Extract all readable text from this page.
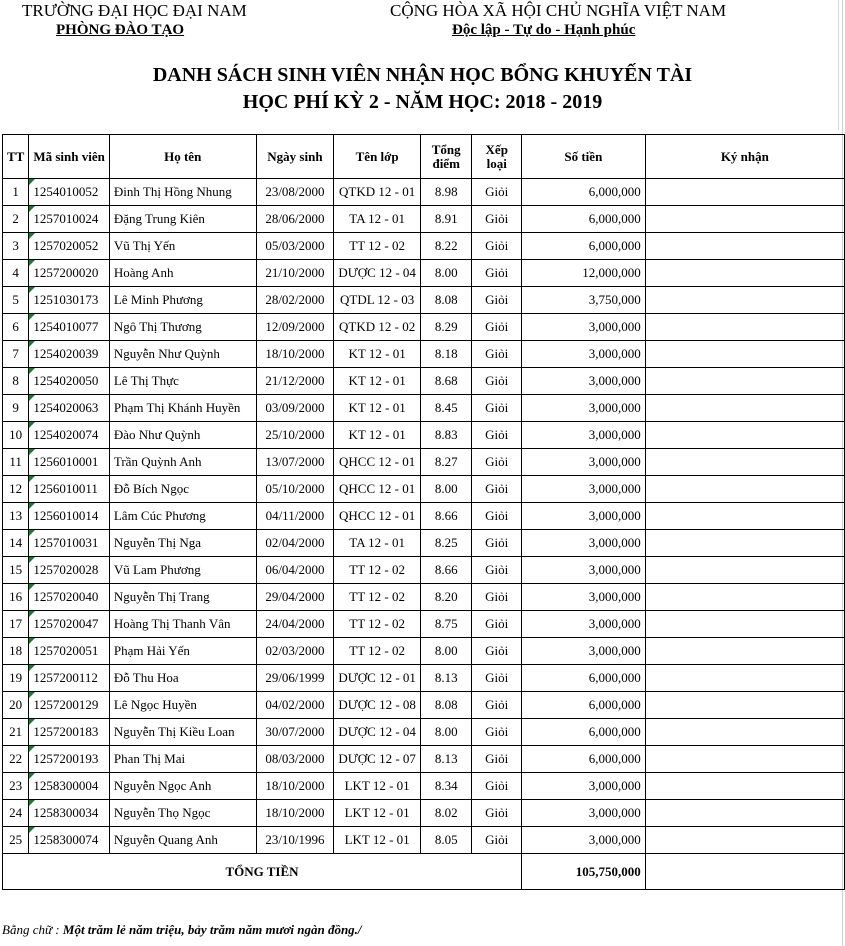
TRƯỜNG ĐẠI HỌC ĐẠI NAM
PHÒNG ĐÀO TẠO
CỘNG HÒA XÃ HỘI CHỦ NGHĨA VIỆT NAM
Độc lập - Tự do - Hạnh phúc
DANH SÁCH SINH VIÊN NHẬN HỌC BỔNG KHUYẾN TÀI
HỌC PHÍ KỲ 2 - NĂM HỌC: 2018 - 2019
TT	Mã sinh viên	Họ tên	Ngày sinh	Tên lớp	Tổng điểm	Xếp loại	Số tiền	Ký nhận
1	1254010052	Đinh Thị Hồng Nhung	23/08/2000	QTKD 12 - 01	8.98	Giỏi	6,000,000	
2	1257010024	Đặng Trung Kiên	28/06/2000	TA 12 - 01	8.91	Giỏi	6,000,000	
3	1257020052	Vũ Thị Yến	05/03/2000	TT 12 - 02	8.22	Giỏi	6,000,000	
4	1257200020	Hoàng Anh	21/10/2000	DƯỢC 12 - 04	8.00	Giỏi	12,000,000	
5	1251030173	Lê Minh Phương	28/02/2000	QTDL 12 - 03	8.08	Giỏi	3,750,000	
6	1254010077	Ngô Thị Thương	12/09/2000	QTKD 12 - 02	8.29	Giỏi	3,000,000	
7	1254020039	Nguyễn Như Quỳnh	18/10/2000	KT 12 - 01	8.18	Giỏi	3,000,000	
8	1254020050	Lê Thị Thực	21/12/2000	KT 12 - 01	8.68	Giỏi	3,000,000	
9	1254020063	Phạm Thị Khánh Huyền	03/09/2000	KT 12 - 01	8.45	Giỏi	3,000,000	
10	1254020074	Đào Như Quỳnh	25/10/2000	KT 12 - 01	8.83	Giỏi	3,000,000	
11	1256010001	Trần Quỳnh Anh	13/07/2000	QHCC 12 - 01	8.27	Giỏi	3,000,000	
12	1256010011	Đỗ Bích Ngọc	05/10/2000	QHCC 12 - 01	8.00	Giỏi	3,000,000	
13	1256010014	Lâm Cúc Phương	04/11/2000	QHCC 12 - 01	8.66	Giỏi	3,000,000	
14	1257010031	Nguyễn Thị Nga	02/04/2000	TA 12 - 01	8.25	Giỏi	3,000,000	
15	1257020028	Vũ Lam Phương	06/04/2000	TT 12 - 02	8.66	Giỏi	3,000,000	
16	1257020040	Nguyễn Thị Trang	29/04/2000	TT 12 - 02	8.20	Giỏi	3,000,000	
17	1257020047	Hoàng Thị Thanh Vân	24/04/2000	TT 12 - 02	8.75	Giỏi	3,000,000	
18	1257020051	Phạm Hải Yến	02/03/2000	TT 12 - 02	8.00	Giỏi	3,000,000	
19	1257200112	Đỗ Thu Hoa	29/06/1999	DƯỢC 12 - 01	8.13	Giỏi	6,000,000	
20	1257200129	Lê Ngọc Huyền	04/02/2000	DƯỢC 12 - 08	8.08	Giỏi	6,000,000	
21	1257200183	Nguyễn Thị Kiều Loan	30/07/2000	DƯỢC 12 - 04	8.00	Giỏi	6,000,000	
22	1257200193	Phan Thị Mai	08/03/2000	DƯỢC 12 - 07	8.13	Giỏi	6,000,000	
23	1258300004	Nguyễn Ngọc Anh	18/10/2000	LKT 12 - 01	8.34	Giỏi	3,000,000	
24	1258300034	Nguyễn Thọ Ngọc	18/10/2000	LKT 12 - 01	8.02	Giỏi	3,000,000	
25	1258300074	Nguyễn Quang Anh	23/10/1996	LKT 12 - 01	8.05	Giỏi	3,000,000	
TỔNG TIỀN							105,750,000	
Bằng chữ : Một trăm lẻ năm triệu, bảy trăm năm mươi ngàn đồng./
